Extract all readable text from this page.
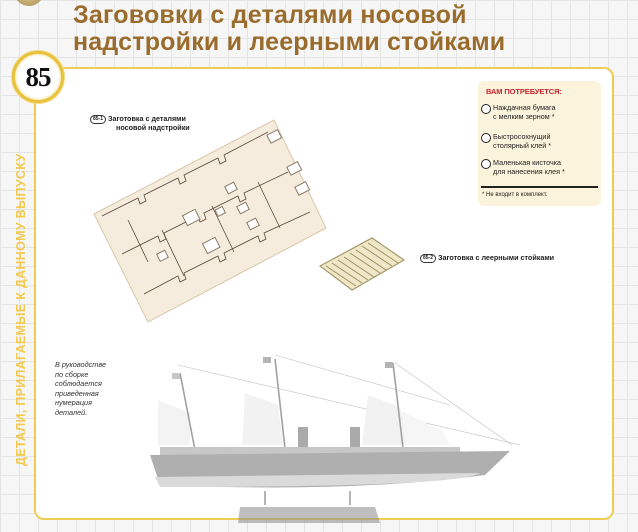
Загововки с деталями носовой
надстройки и леерными стойками
85
ДЕТАЛИ, ПРИЛАГАЕМЫЕ К ДАННОМУ ВЫПУСКУ
85-1 Заготовка с деталями
носовой надстройки
85-2 Заготовка с леерными стойками
ВАМ ПОТРЕБУЕТСЯ:
Наждачная бумага
с мелким зерном *
Быстросохнущий
столярный клей *
Маленькая кисточка
для нанесения клея *
* Не входит в комплект.
В руководстве
по сборке
соблюдается
приведенная
нумерация
деталей.
